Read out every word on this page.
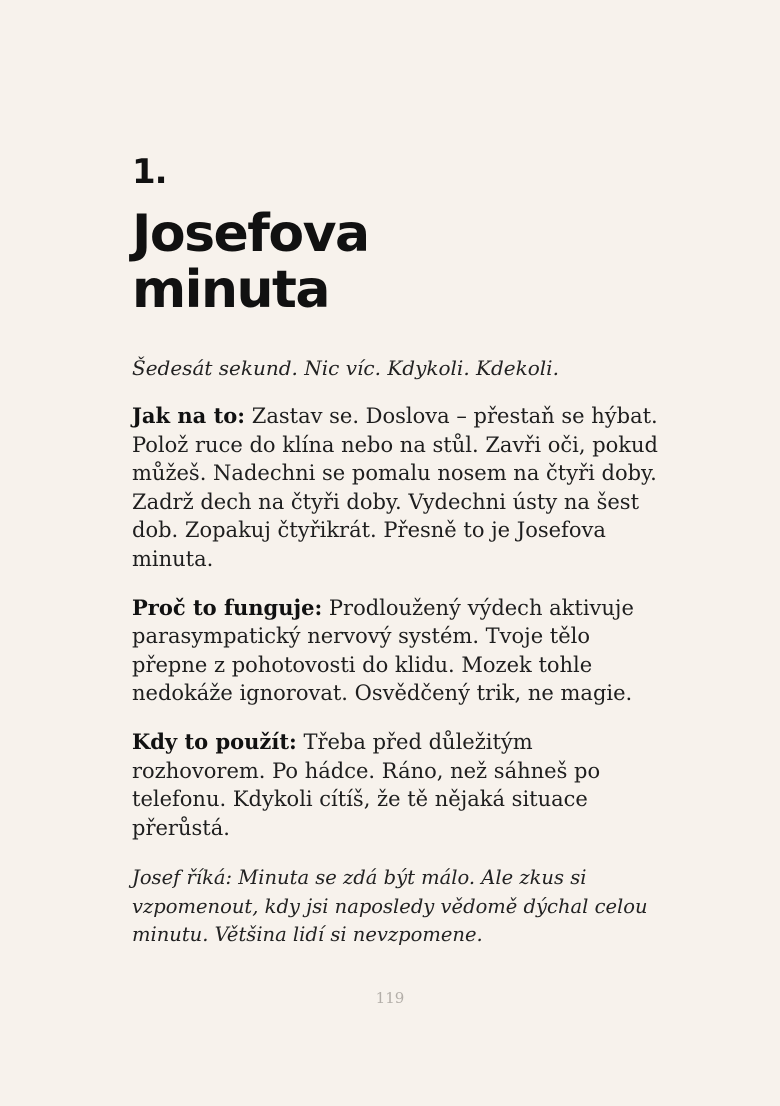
1.
Josefova
minuta

Šedesát sekund. Nic víc. Kdykoli. Kdekoli.

Jak na to: Zastav se. Doslova – přestaň se hýbat. Polož ruce do klína nebo na stůl. Zavři oči, pokud můžeš. Nadechni se pomalu nosem na čtyři doby. Zadrž dech na čtyři doby. Vydechni ústy na šest dob. Zopakuj čtyřikrát. Přesně to je Josefova minuta.

Proč to funguje: Prodloužený výdech aktivuje parasympatický nervový systém. Tvoje tělo přepne z pohotovosti do klidu. Mozek tohle nedokáže ignorovat. Osvědčený trik, ne magie.

Kdy to použít: Třeba před důležitým rozhovorem. Po hádce. Ráno, než sáhneš po telefonu. Kdykoli cítíš, že tě nějaká situace přerůstá.

Josef říká: Minuta se zdá být málo. Ale zkus si vzpomenout, kdy jsi naposledy vědomě dýchal celou minutu. Většina lidí si nevzpomene.

119
